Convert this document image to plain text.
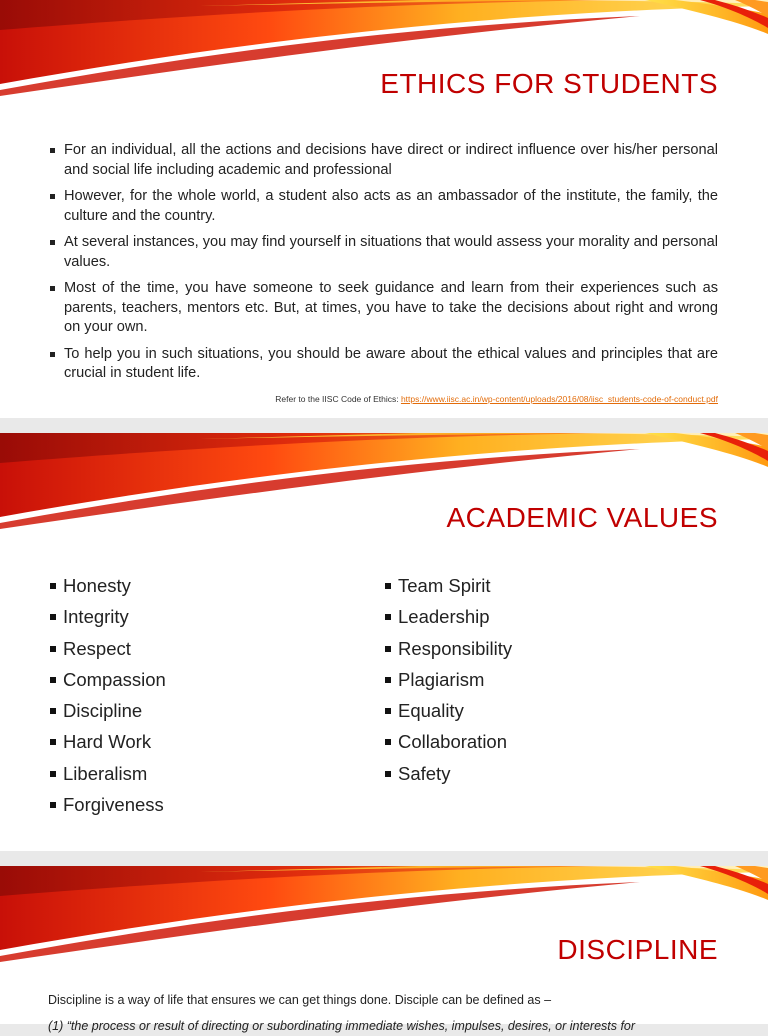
ETHICS FOR STUDENTS
For an individual, all the actions and decisions have direct or indirect influence over his/her personal and social life including academic and professional
However, for the whole world, a student also acts as an ambassador of the institute, the family, the culture and the country.
At several instances, you may find yourself in situations that would assess your morality and personal values.
Most of the time, you have someone to seek guidance and learn from their experiences such as parents, teachers, mentors etc. But, at times, you have to take the decisions about right and wrong on your own.
To help you in such situations, you should be aware about the ethical values and principles that are crucial in student life.
Refer to the IISC Code of Ethics: https://www.iisc.ac.in/wp-content/uploads/2016/08/iisc_students-code-of-conduct.pdf
ACADEMIC VALUES
Honesty
Integrity
Respect
Compassion
Discipline
Hard Work
Liberalism
Forgiveness
Team Spirit
Leadership
Responsibility
Plagiarism
Equality
Collaboration
Safety
DISCIPLINE

Discipline is a way of life that ensures we can get things done. Disciple can be defined as –

(1) “the process or result of directing or subordinating immediate wishes, impulses, desires, or interests for
